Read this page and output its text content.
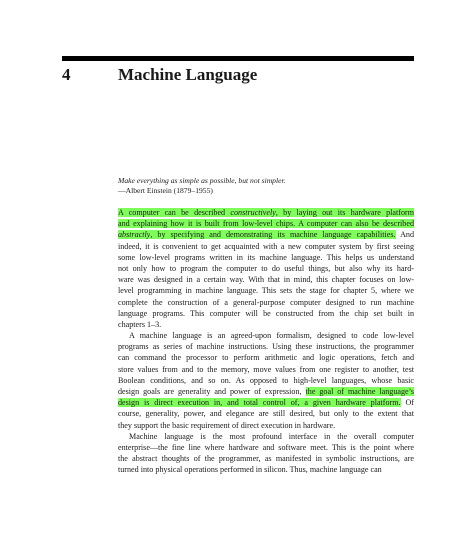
4	Machine Language
Make everything as simple as possible, but not simpler.
—Albert Einstein (1879–1955)
A computer can be described constructively, by laying out its hardware platform
and explaining how it is built from low-level chips. A computer can also be described
abstractly, by specifying and demonstrating its machine language capabilities. And
indeed, it is convenient to get acquainted with a new computer system by first seeing
some low-level programs written in its machine language. This helps us understand
not only how to program the computer to do useful things, but also why its hard-
ware was designed in a certain way. With that in mind, this chapter focuses on low-
level programming in machine language. This sets the stage for chapter 5, where we
complete the construction of a general-purpose computer designed to run machine
language programs. This computer will be constructed from the chip set built in
chapters 1–3.
A machine language is an agreed-upon formalism, designed to code low-level
programs as series of machine instructions. Using these instructions, the programmer
can command the processor to perform arithmetic and logic operations, fetch and
store values from and to the memory, move values from one register to another, test
Boolean conditions, and so on. As opposed to high-level languages, whose basic
design goals are generality and power of expression, the goal of machine language’s
design is direct execution in, and total control of, a given hardware platform. Of
course, generality, power, and elegance are still desired, but only to the extent that
they support the basic requirement of direct execution in hardware.
Machine language is the most profound interface in the overall computer
enterprise—the fine line where hardware and software meet. This is the point where
the abstract thoughts of the programmer, as manifested in symbolic instructions, are
turned into physical operations performed in silicon. Thus, machine language can
